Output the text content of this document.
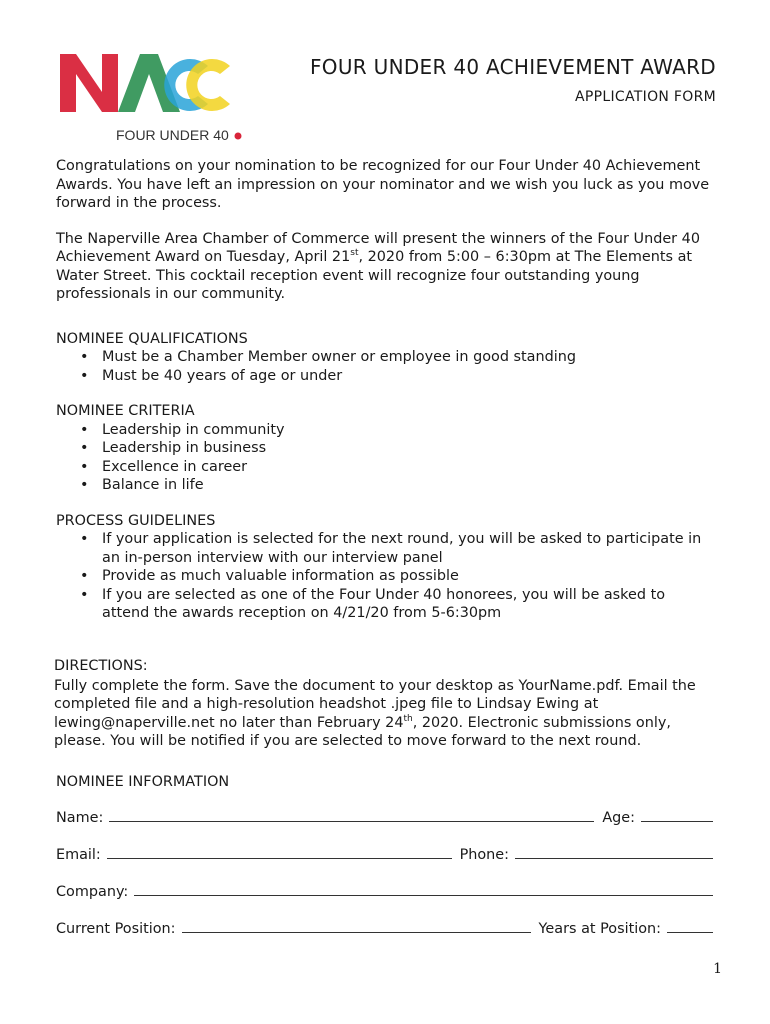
FOUR UNDER 40
FOUR UNDER 40 ACHIEVEMENT AWARD
APPLICATION FORM

Congratulations on your nomination to be recognized for our Four Under 40 Achievement Awards. You have left an impression on your nominator and we wish you luck as you move forward in the process.

The Naperville Area Chamber of Commerce will present the winners of the Four Under 40 Achievement Award on Tuesday, April 21st, 2020 from 5:00 – 6:30pm at The Elements at Water Street. This cocktail reception event will recognize four outstanding young professionals in our community.

NOMINEE QUALIFICATIONS
• Must be a Chamber Member owner or employee in good standing
• Must be 40 years of age or under
NOMINEE CRITERIA
• Leadership in community
• Leadership in business
• Excellence in career
• Balance in life
PROCESS GUIDELINES
• If your application is selected for the next round, you will be asked to participate in an in-person interview with our interview panel
• Provide as much valuable information as possible
• If you are selected as one of the Four Under 40 honorees, you will be asked to attend the awards reception on 4/21/20 from 5-6:30pm
DIRECTIONS:

Fully complete the form. Save the document to your desktop as YourName.pdf. Email the completed file and a high-resolution headshot .jpeg file to Lindsay Ewing at lewing@naperville.net no later than February 24th, 2020. Electronic submissions only, please. You will be notified if you are selected to move forward to the next round.

NOMINEE INFORMATION
Name:	Age:
Email:	Phone:
Company:
Current Position:	Years at Position:
1
